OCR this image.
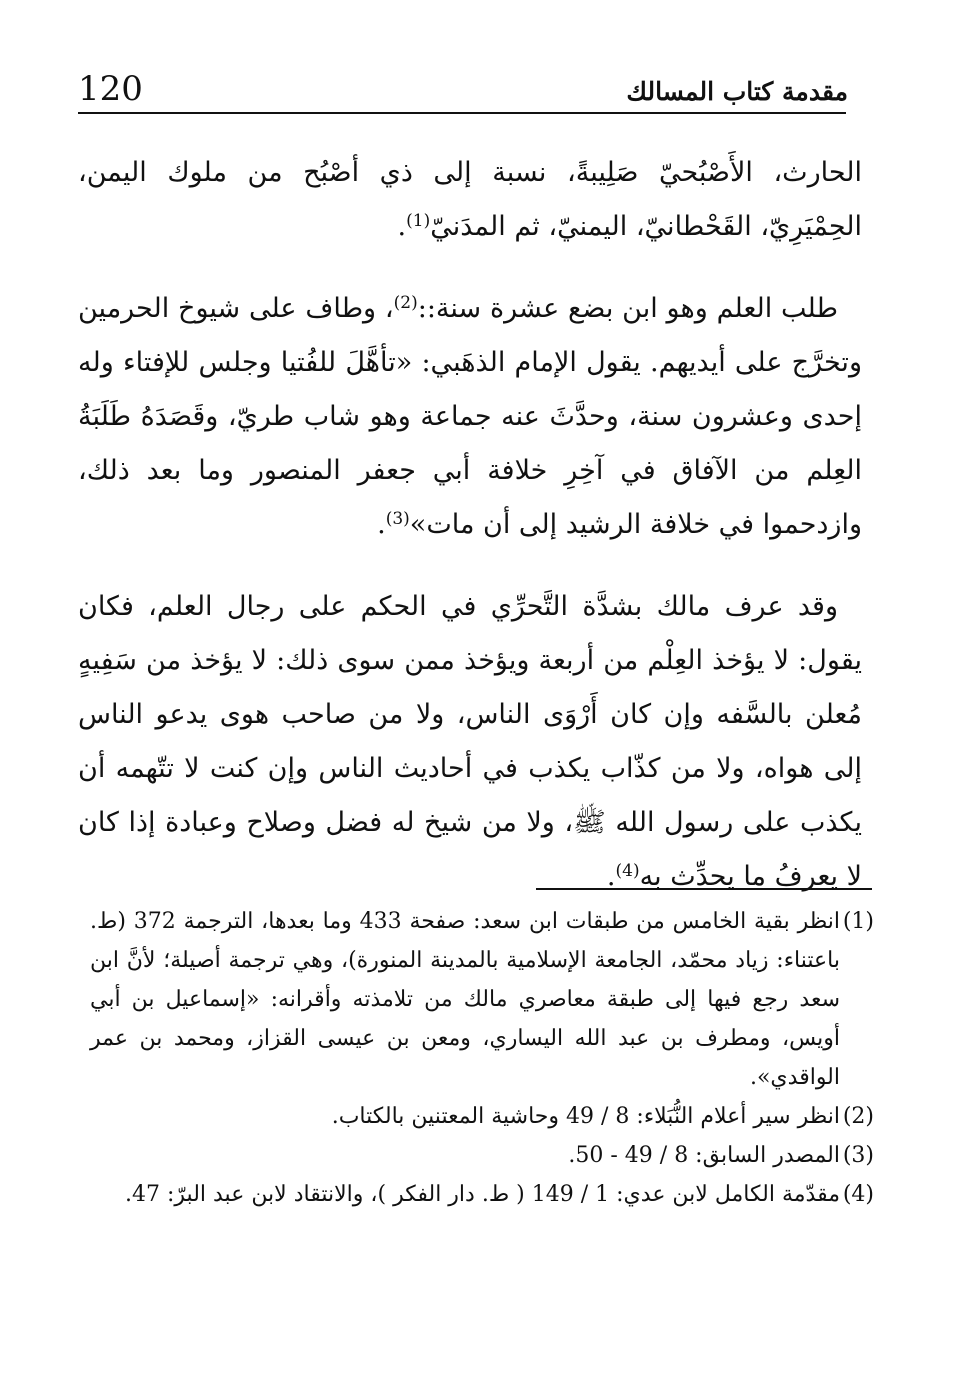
مقدمة كتاب المسالك
120

الحارث، الأَصْبُحيّ صَلِيبةً، نسبة إلى ذي أصْبُح من ملوك اليمن، الحِمْيَرِيّ، القَحْطانيّ، اليمنيّ، ثم المدَنيّ$^{(1)}$.

طلب العلم وهو ابن بضع عشرة سنة::$^{(2)}$، وطاف على شيوخ الحرمين وتخرَّج على أيديهم. يقول الإمام الذهَبي: «تأهَّلَ للفُتيا وجلس للإفتاء وله إحدى وعشرون سنة، وحدَّثَ عنه جماعة وهو شاب طريّ، وقَصَدَهُ طَلَبَةُ العِلم من الآفاق في آخِرِ خلافة أبي جعفر المنصور وما بعد ذلك، وازدحموا في خلافة الرشيد إلى أن مات»$^{(3)}$.

وقد عرف مالك بشدَّة التَّحرِّي في الحكم على رجال العلم، فكان يقول: لا يؤخذ العِلْم من أربعة ويؤخذ ممن سوى ذلك: لا يؤخذ من سَفِيهٍ مُعلن بالسَّفه وإن كان أَرْوَى الناس، ولا من صاحب هوى يدعو الناس إلى هواه، ولا من كذّاب يكذب في أحاديث الناس وإن كنت لا تتّهمه أن يكذب على رسول الله ﷺ، ولا من شيخ له فضل وصلاح وعبادة إذا كان لا يعرفُ ما يحدِّث به$^{(4)}$.

(1)
انظر بقية الخامس من طبقات ابن سعد: صفحة 433 وما بعدها، الترجمة 372 (ط. باعتناء: زياد محمّد، الجامعة الإسلامية بالمدينة المنورة)، وهي ترجمة أصيلة؛ لأنَّ ابن سعد رجع فيها إلى طبقة معاصري مالك من تلامذته وأقرانه: «إسماعيل بن أبي أويس، ومطرف بن عبد الله اليساري، ومعن بن عيسى القزاز، ومحمد بن عمر الواقدي».
(2)
انظر سير أعلام النُّبَلاء: 8 / 49 وحاشية المعتنين بالكتاب.
(3)
المصدر السابق: 8 / 49 - 50.
(4)
مقدّمة الكامل لابن عدي: 1 / 149 ( ط. دار الفكر )، والانتقاد لابن عبد البرّ: 47.
